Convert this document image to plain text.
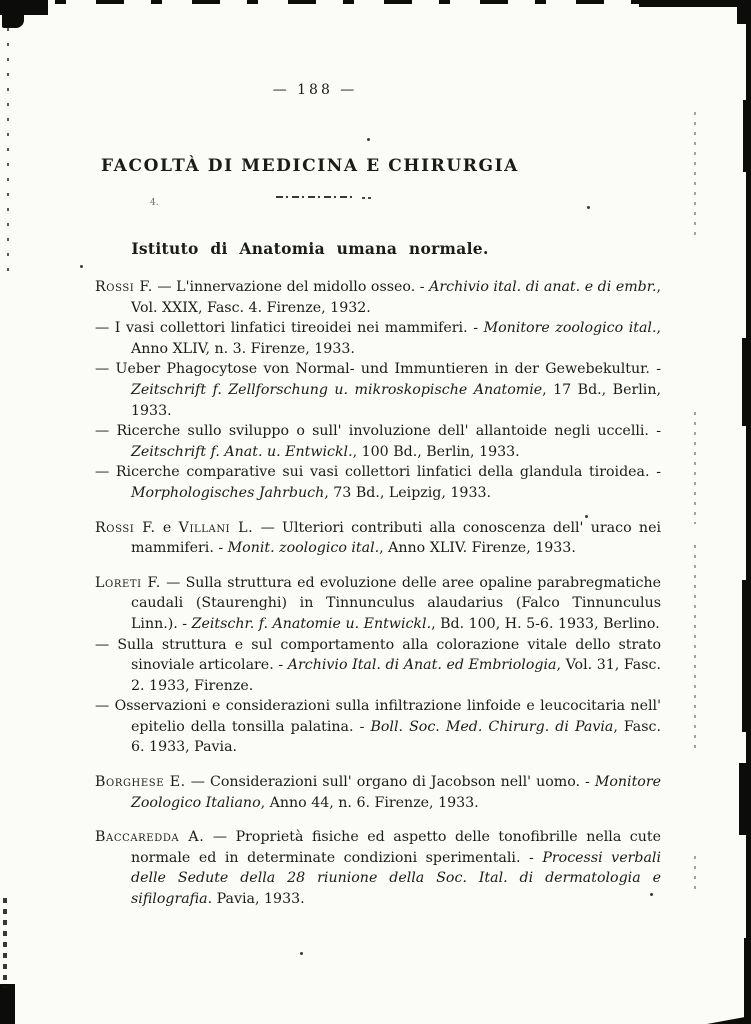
— 188 —
FACOLTÀ DI MEDICINA E CHIRURGIA
4.
Istituto di Anatomia umana normale.

Rossi F. — L'innervazione del midollo osseo. - Archivio ital. di anat. e di embr., Vol. XXIX, Fasc. 4. Firenze, 1932.

— I vasi collettori linfatici tireoidei nei mammiferi. - Monitore zoologico ital., Anno XLIV, n. 3. Firenze, 1933.

— Ueber Phagocytose von Normal- und Immuntieren in der Gewebekultur. - Zeitschrift f. Zellforschung u. mikroskopische Anatomie, 17 Bd., Berlin, 1933.

— Ricerche sullo sviluppo o sull' involuzione dell' allantoide negli uccelli. - Zeitschrift f. Anat. u. Entwickl., 100 Bd., Berlin, 1933.

— Ricerche comparative sui vasi collettori linfatici della glandula tiroidea. - Morphologisches Jahrbuch, 73 Bd., Leipzig, 1933.

Rossi F. e Villani L. — Ulteriori contributi alla conoscenza dell' uraco nei mammiferi. - Monit. zoologico ital., Anno XLIV. Firenze, 1933.

Loreti F. — Sulla struttura ed evoluzione delle aree opaline parabregmatiche caudali (Staurenghi) in Tinnunculus alaudarius (Falco Tinnunculus Linn.). - Zeitschr. f. Anatomie u. Entwickl., Bd. 100, H. 5-6. 1933, Berlino.

— Sulla struttura e sul comportamento alla colorazione vitale dello strato sinoviale articolare. - Archivio Ital. di Anat. ed Embriologia, Vol. 31, Fasc. 2. 1933, Firenze.

— Osservazioni e considerazioni sulla infiltrazione linfoide e leucocitaria nell' epitelio della tonsilla palatina. - Boll. Soc. Med. Chirurg. di Pavia, Fasc. 6. 1933, Pavia.

Borghese E. — Considerazioni sull' organo di Jacobson nell' uomo. - Monitore Zoologico Italiano, Anno 44, n. 6. Firenze, 1933.

Baccaredda A. — Proprietà fisiche ed aspetto delle tonofibrille nella cute normale ed in determinate condizioni sperimentali. - Processi verbali delle Sedute della 28 riunione della Soc. Ital. di dermatologia e sifilografia. Pavia, 1933.
